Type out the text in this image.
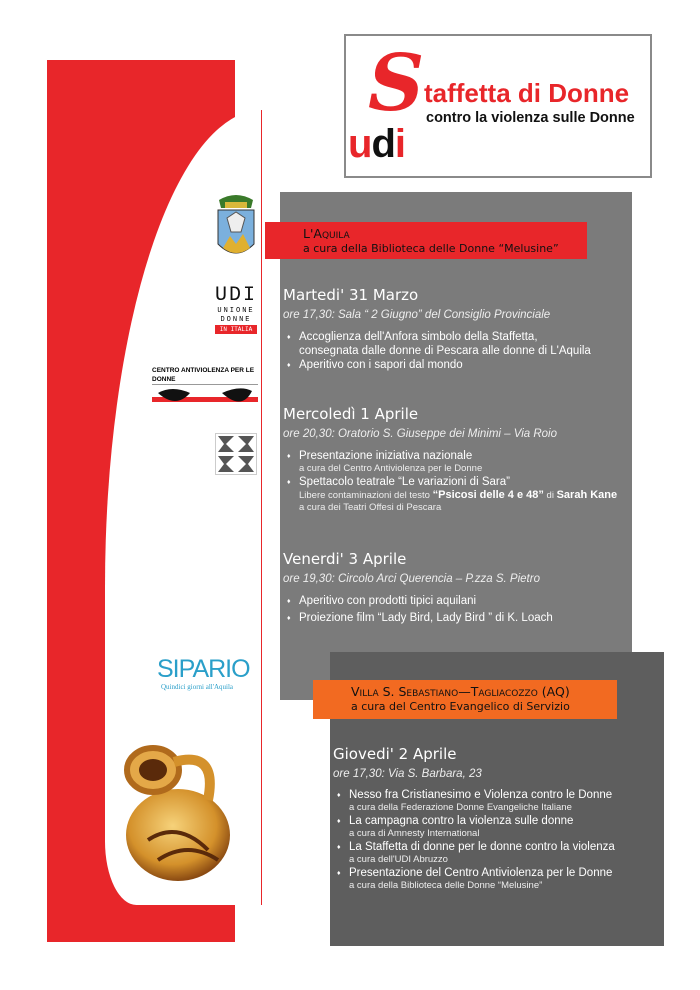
S taffetta di Donne
contro la violenza sulle Donne
udi
UDI
UNIONE
DONNE
IN ITALIA
CENTRO ANTIVIOLENZA PER LE DONNE
SIPARIO
Quindici giorni all'Aquila
L'Aquila
a cura della Biblioteca delle Donne “Melusine”
Martedi' 31 Marzo
ore 17,30: Sala “ 2 Giugno” del Consiglio Provinciale
♦ Accoglienza dell'Anfora simbolo della Staffetta,
consegnata dalle donne di Pescara alle donne di L'Aquila
♦ Aperitivo con i sapori dal mondo
Mercoledì 1 Aprile
ore 20,30: Oratorio S. Giuseppe dei Minimi – Via Roio
♦ Presentazione iniziativa nazionale
a cura del Centro Antiviolenza per le Donne
♦ Spettacolo teatrale “Le variazioni di Sara”
Libere contaminazioni del testo “Psicosi delle 4 e 48” di Sarah Kane
a cura dei Teatri Offesi di Pescara
Venerdi' 3 Aprile
ore 19,30: Circolo Arci Querencia – P.zza S. Pietro
♦ Aperitivo con prodotti tipici aquilani
♦ Proiezione film “Lady Bird, Lady Bird ” di K. Loach
Villa S. Sebastiano—Tagliacozzo (AQ)
a cura del Centro Evangelico di Servizio
Giovedi' 2 Aprile
ore 17,30: Via S. Barbara, 23
♦ Nesso fra Cristianesimo e Violenza contro le Donne
a cura della Federazione Donne Evangeliche Italiane
♦ La campagna contro la violenza sulle donne
a cura di Amnesty International
♦ La Staffetta di donne per le donne contro la violenza
a cura dell'UDI Abruzzo
♦ Presentazione del Centro Antiviolenza per le Donne
a cura della Biblioteca delle Donne “Melusine”
